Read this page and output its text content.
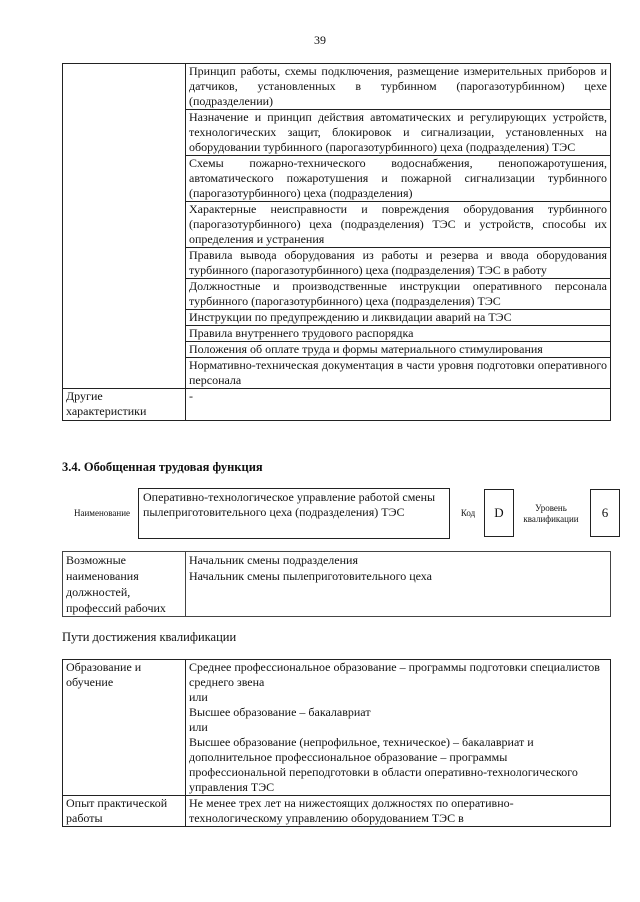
39
	Принцип работы, схемы подключения, размещение измерительных приборов и датчиков, установленных в турбинном (парогазотурбинном) цехе (подразделении)
	Назначение и принцип действия автоматических и регулирующих устройств, технологических защит, блокировок и сигнализации, установленных на оборудовании турбинного (парогазотурбинного) цеха (подразделения) ТЭС
	Схемы пожарно-технического водоснабжения, пенопожаротушения, автоматического пожаротушения и пожарной сигнализации турбинного (парогазотурбинного) цеха (подразделения)
	Характерные неисправности и повреждения оборудования турбинного (парогазотурбинного) цеха (подразделения) ТЭС и устройств, способы их определения и устранения
	Правила вывода оборудования из работы и резерва и ввода оборудования турбинного (парогазотурбинного) цеха (подразделения) ТЭС в работу
	Должностные и производственные инструкции оперативного персонала турбинного (парогазотурбинного) цеха (подразделения) ТЭС
	Инструкции по предупреждению и ликвидации аварий на ТЭС
	Правила внутреннего трудового распорядка
	Положения об оплате труда и формы материального стимулирования
	Нормативно-техническая документация в части уровня подготовки оперативного персонала
Другие характеристики	-
3.4. Обобщенная трудовая функция
Наименование
Оперативно-технологическое управление работой смены пылеприготовительного цеха (подразделения) ТЭС	Код	D	Уровень квалификации	6
Возможные наименования должностей, профессий рабочих	
Начальник смены подразделения
Начальник смены пылеприготовительного цеха
Пути достижения квалификации
Образование и обучение	Среднее профессиональное образование – программы подготовки специалистов среднего звена
или
Высшее образование – бакалавриат
или
Высшее образование (непрофильное, техническое) – бакалавриат и дополнительное профессиональное образование – программы профессиональной переподготовки в области оперативно-технологического управления ТЭС

Опыт практической работы	Не менее трех лет на нижестоящих должностях по оперативно-технологическому управлению оборудованием ТЭС в
